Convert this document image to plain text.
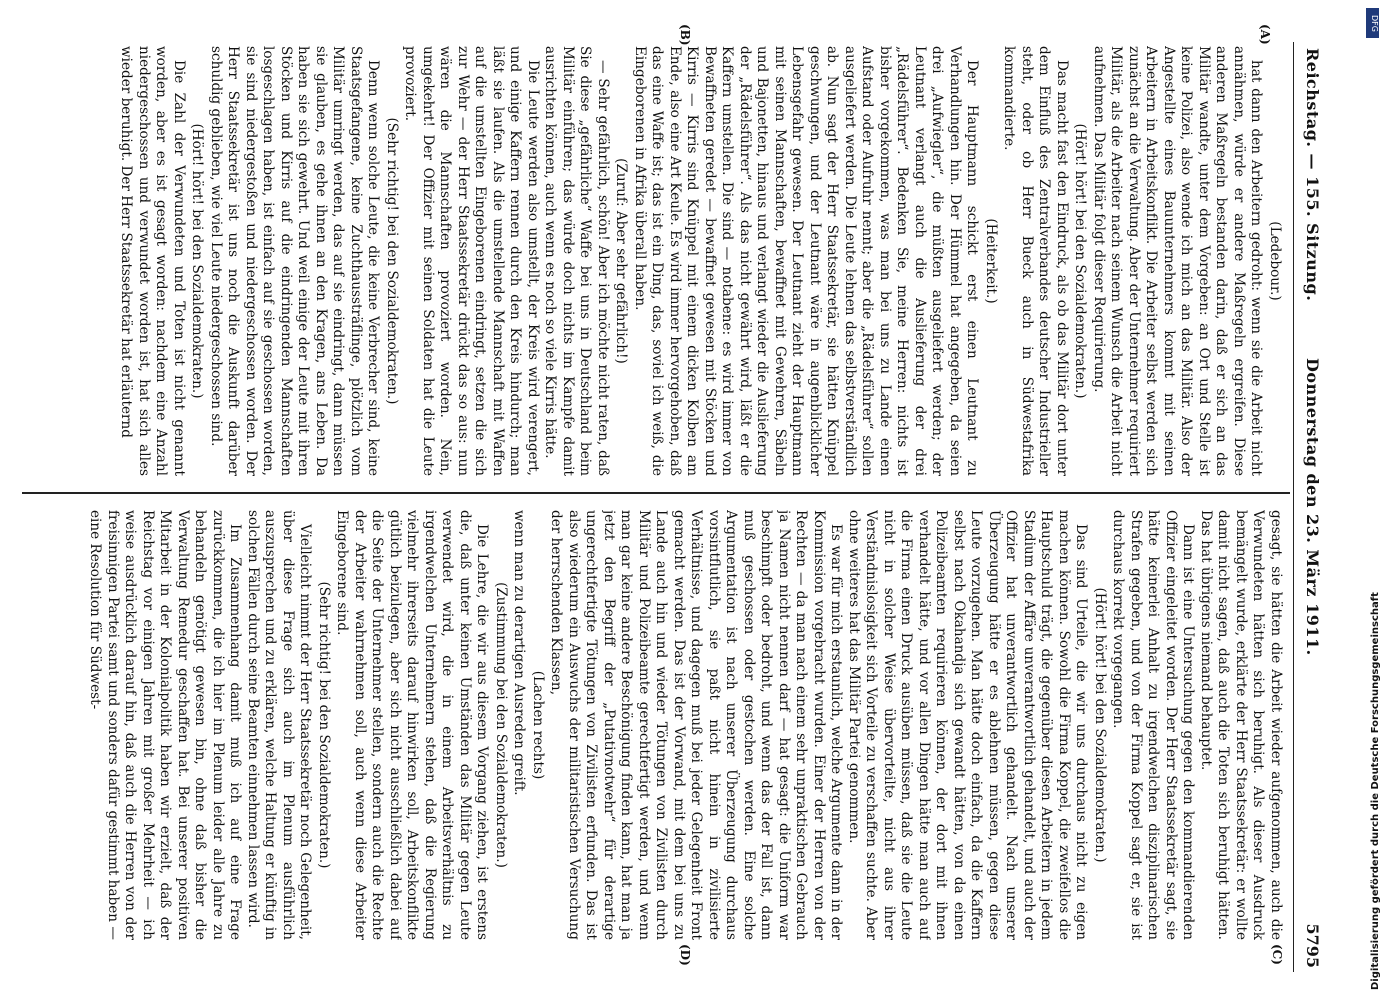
Reichstag. — 155. Sitzung.
Donnerstag den 23. März 1911.
5795
(A)
(B)
(C)
(D)

(Ledebour.)

hat dann den Arbeitern gedroht: wenn sie die Arbeit nicht annähmen, würde er andere Maßregeln ergreifen. Diese anderen Maßregeln bestanden darin, daß er sich an das Militär wandte, unter dem Vorgeben: an Ort und Stelle ist keine Polizei, also wende ich mich an das Militär. Also der Angestellte eines Bauunternehmers kommt mit seinen Arbeitern in Arbeitskonflikt. Die Arbeiter selbst werden sich zunächst an die Verwaltung. Aber der Unternehmer requiriert Militär, als die Arbeiter nach seinem Wunsch die Arbeit nicht aufnehmen. Das Militär folgt dieser Requirierung.

(Hört! hört! bei den Sozialdemokraten.)

Das macht fast den Eindruck, als ob das Militär dort unter dem Einfluß des Zentralverbandes deutscher Industrieller steht, oder ob Herr Bueck auch in Südwestafrika kommandierte.

(Heiterkeit.)

Der Hauptmann schickt erst einen Leutnant zu Verhandlungen hin. Der Hümmel hat angegeben, da seien drei „Aufwiegler“, die müßten ausgeliefert werden; der Leutnant verlangt auch die Auslieferung der drei „Rädelsführer“. Bedenken Sie, meine Herren: nichts ist bisher vorgekommen, was man bei uns zu Lande einen Aufstand oder Aufruhr nennt; aber die „Rädelsführer“ sollen ausgeliefert werden. Die Leute lehnen das selbstverständlich ab. Nun sagt der Herr Staatssekretär, sie hätten Knüppel geschwungen, und der Leutnant wäre in augenblicklicher Lebensgefahr gewesen. Der Leutnant zieht der Hauptmann mit seinen Mannschaften, bewaffnet mit Gewehren, Säbeln und Bajonetten, hinaus und verlangt wieder die Auslieferung der „Rädelsführer“. Als das nicht gewährt wird, läßt er die Kaffern umstellen. Die sind — notabene: es wird immer von Bewaffneten geredet — bewaffnet gewesen mit Stöcken und Kirris — Kirris sind Knüppel mit einem dicken Kolben am Ende, also eine Art Keule. Es wird immer hervorgehoben, daß das eine Waffe ist; das ist ein Ding, das, soviel ich weiß, die Eingeborenen in Afrika überall haben.

(Zuruf: Aber sehr gefährlich!)

— Sehr gefährlich, schön! Aber ich möchte nicht raten, daß Sie diese „gefährliche“ Waffe bei uns in Deutschland beim Militär einführen; das würde doch nichts im Kampfe damit ausrichten können, auch wenn es noch so viele Kirris hätte.

Die Leute werden also umstellt, der Kreis wird verengert, und einige Kaffern rennen durch den Kreis hindurch; man läßt sie laufen. Als die umstellende Mannschaft mit Waffen auf die umstellten Eingeborenen eindringt, setzen die sich zur Wehr — der Herr Staatssekretär drückt das so aus: nun wären die Mannschaften provoziert worden. Nein, umgekehrt! Der Offizier mit seinen Soldaten hat die Leute provoziert.

(Sehr richtig! bei den Sozialdemokraten.)

Denn wenn solche Leute, die keine Verbrecher sind, keine Staatsgefangene, keine Zuchthaussträflinge, plötzlich vom Militär umringt werden, das auf sie eindringt, dann müssen sie glauben, es gehe ihnen an den Kragen, ans Leben. Da haben sie sich gewehrt. Und weil einige der Leute mit ihren Stöcken und Kirris auf die eindringenden Mannschaften losgeschlagen haben, ist einfach auf sie geschossen worden, sie sind niedergestoßen und niedergeschossen worden. Der Herr Staatssekretär ist uns noch die Auskunft darüber schuldig geblieben, wie viel Leute niedergeschossen sind.

(Hört! hört! bei den Sozialdemokraten.)

Die Zahl der Verwundeten und Toten ist nicht genannt worden, aber es ist gesagt worden: nachdem eine Anzahl niedergeschossen und verwundet worden ist, hat sich alles wieder beruhigt. Der Herr Staatssekretär hat erläuternd

gesagt, sie hätten die Arbeit wieder aufgenommen, auch die Verwundeten hätten sich beruhigt. Als dieser Ausdruck bemängelt wurde, erklärte der Herr Staatssekretär: er wollte damit nicht sagen, daß auch die Toten sich beruhigt hätten. Das hat übrigens niemand behauptet.

Dann ist eine Untersuchung gegen den kommandierenden Offizier eingeleitet worden. Der Herr Staatssekretär sagt, sie hätte keinerlei Anhalt zu irgendwelchen disziplinarischen Strafen gegeben, und von der Firma Koppel sagt er, sie ist durchaus korrekt vorgegangen.

(Hört! hört! bei den Sozialdemokraten.)

Das sind Urteile, die wir uns durchaus nicht zu eigen machen können. Sowohl die Firma Koppel, die zweifellos die Hauptschuld trägt, die gegenüber diesen Arbeitern in jedem Stadium der Affäre unverantwortlich gehandelt, und auch der Offizier hat unverantwortlich gehandelt. Nach unserer Überzeugung hätte er es ablehnen müssen, gegen diese Leute vorzugehen. Man hätte doch einfach, da die Kaffern selbst nach Okahandja sich gewandt hätten, von da einen Polizeibeamten requirieren können, der dort mit ihnen verhandelt hätte, und vor allen Dingen hätte man auch auf die Firma einen Druck ausüben müssen, daß sie die Leute nicht in solcher Weise übervorteilte, nicht aus ihrer Verständnislosigkeit sich Vorteile zu verschaffen suchte. Aber ohne weiteres hat das Militär Partei genommen.

Es war für mich erstaunlich, welche Argumente dann in der Kommission vorgebracht wurden. Einer der Herren von der Rechten — da man nach einem sehr unpraktischen Gebrauch ja Namen nicht nennen darf — hat gesagt: die Uniform war beschimpft oder bedroht, und wenn das der Fall ist, dann muß geschossen oder gestochen werden. Eine solche Argumentation ist nach unserer Überzeugung durchaus vorsintflutlich, sie paßt nicht hinein in zivilisierte Verhältnisse, und dagegen muß bei jeder Gelegenheit Front gemacht werden. Das ist der Vorwand, mit dem bei uns zu Lande auch hin und wieder Tötungen von Zivilisten durch Militär und Polizeibeamte gerechtfertigt werden, und wenn man gar keine andere Beschönigung finden kann, hat man ja jetzt den Begriff der „Putativnotwehr“ für derartige ungerechtfertigte Tötungen von Zivilisten erfunden. Das ist also wiederum ein Auswuchs der militaristischen Versuchung der herrschenden Klassen,

(Lachen rechts)

wenn man zu derartigen Ausreden greift.

(Zustimmung bei den Sozialdemokraten.)

Die Lehre, die wir aus diesem Vorgang ziehen, ist erstens die, daß unter keinen Umständen das Militär gegen Leute verwendet wird, die in einem Arbeitsverhältnis zu irgendwelchen Unternehmern stehen, daß die Regierung vielmehr ihrerseits darauf hinwirken soll, Arbeitskonflikte gütlich beizulegen, aber sich nicht ausschließlich dabei auf die Seite der Unternehmer stellen, sondern auch die Rechte der Arbeiter wahrnehmen soll, auch wenn diese Arbeiter Eingeborene sind.

(Sehr richtig! bei den Sozialdemokraten.)

Vielleicht nimmt der Herr Staatssekretär noch Gelegenheit, über diese Frage sich auch im Plenum ausführlich auszusprechen und zu erklären, welche Haltung er künftig in solchen Fällen durch seine Beamten einnehmen lassen wird.

Im Zusammenhang damit muß ich auf eine Frage zurückkommen, die ich hier im Plenum leider alle Jahre zu behandeln genötigt gewesen bin, ohne daß bisher die Verwaltung Remedur geschaffen hat. Bei unserer positiven Mitarbeit in der Kolonialpolitik haben wir erzielt, daß der Reichstag vor einigen Jahren mit großer Mehrheit — ich weise ausdrücklich darauf hin, daß auch die Herren von der freisinnigen Partei samt und sonders dafür gestimmt haben — eine Resolution für Südwest-

DFG
Digitalisierung gefördert durch die Deutsche Forschungsgemeinschaft
